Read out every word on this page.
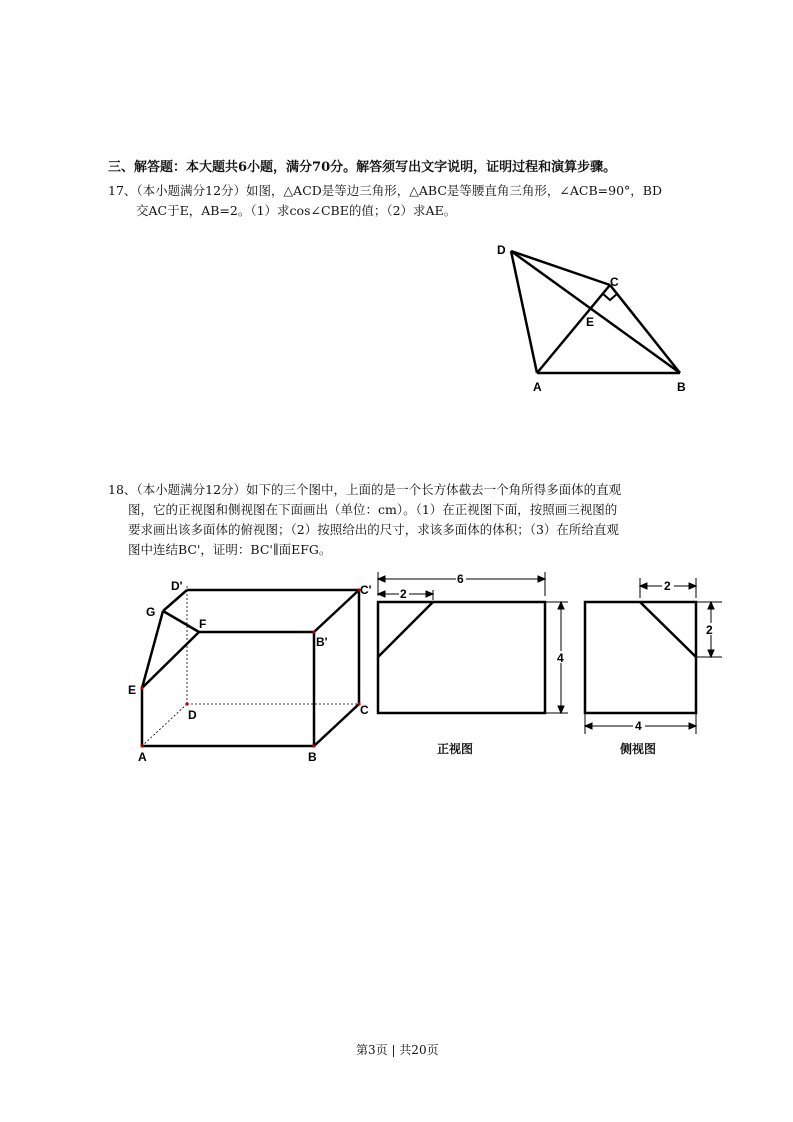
三、解答题：本大题共6小题，满分70分。解答须写出文字说明，证明过程和演算步骤。
17、（本小题满分12分）如图，△ACD是等边三角形，△ABC是等腰直角三角形，∠ACB=90°，BD
交AC于E，AB=2。（1）求cos∠CBE的值；（2）求AE。
D
C
E
A	B
18、（本小题满分12分）如下的三个图中，上面的是一个长方体截去一个角所得多面体的直观
图，它的正视图和侧视图在下面画出（单位：cm）。（1）在正视图下面，按照画三视图的
要求画出该多面体的俯视图；（2）按照给出的尺寸，求该多面体的体积；（3）在所给直观
图中连结BC'，证明：BC'∥面EFG。
D'	C'
G
F
B'
E
D	C
A	B
6
2
4
正视图
2
2
4
侧视图
第3页 | 共20页
